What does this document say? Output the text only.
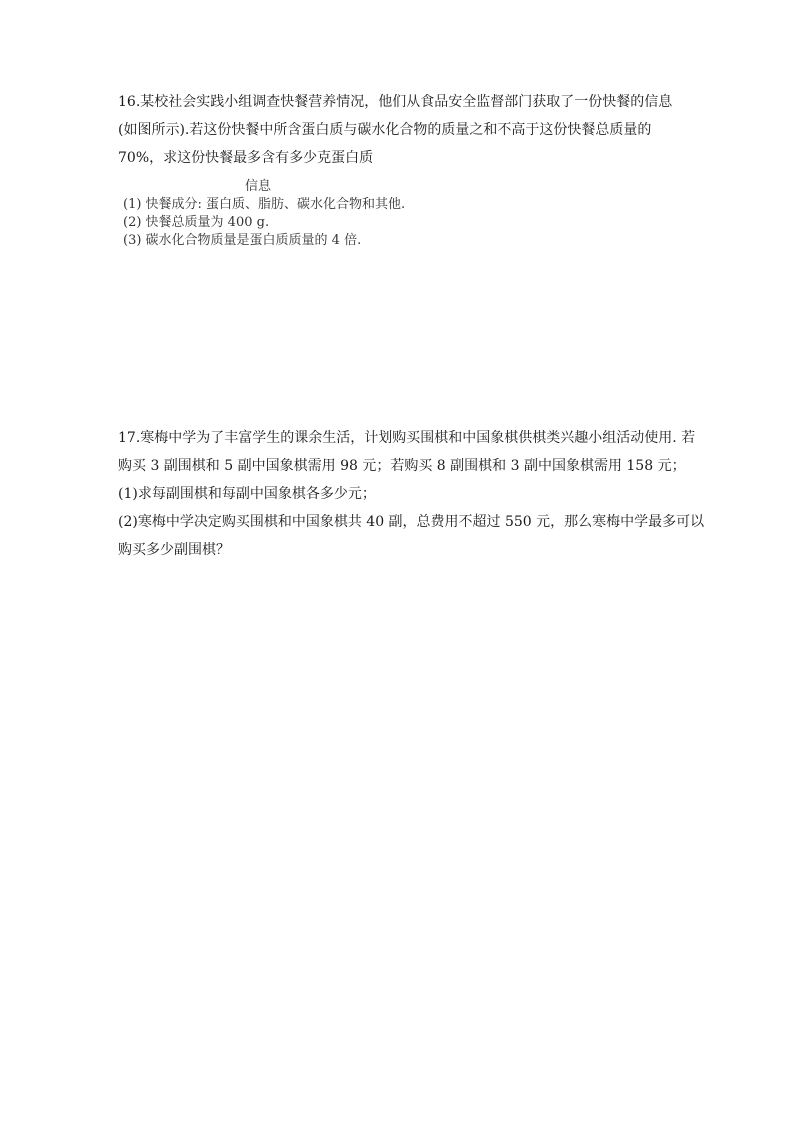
16.某校社会实践小组调查快餐营养情况，他们从食品安全监督部门获取了一份快餐的信息
(如图所示).若这份快餐中所含蛋白质与碳水化合物的质量之和不高于这份快餐总质量的
70%，求这份快餐最多含有多少克蛋白质
信息
(1) 快餐成分: 蛋白质、脂肪、碳水化合物和其他.
(2) 快餐总质量为 400 g.
(3) 碳水化合物质量是蛋白质质量的 4 倍.
17.寒梅中学为了丰富学生的课余生活，计划购买围棋和中国象棋供棋类兴趣小组活动使用. 若
购买 3 副围棋和 5 副中国象棋需用 98 元；若购买 8 副围棋和 3 副中国象棋需用 158 元；
(1)求每副围棋和每副中国象棋各多少元；
(2)寒梅中学决定购买围棋和中国象棋共 40 副，总费用不超过 550 元，那么寒梅中学最多可以
购买多少副围棋？
